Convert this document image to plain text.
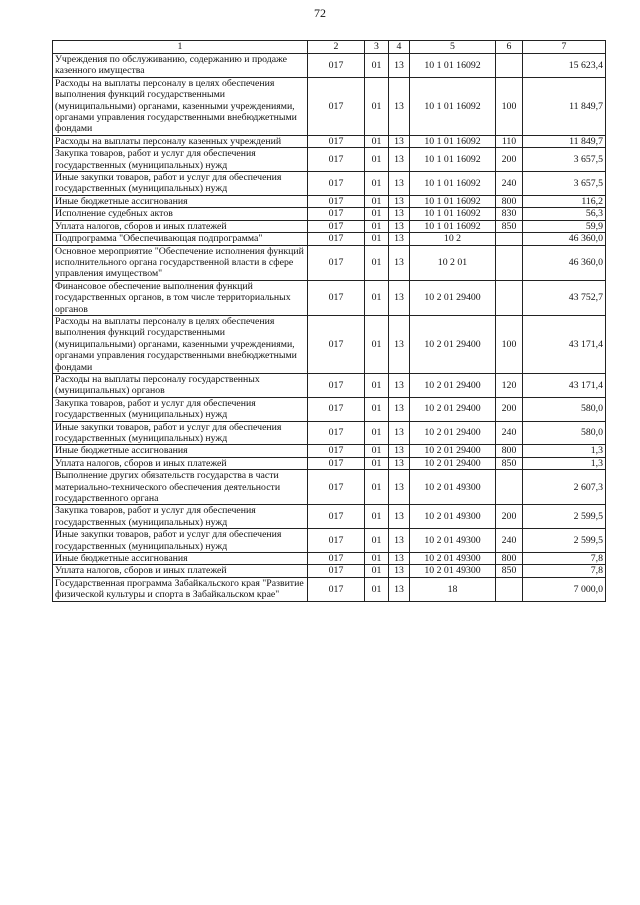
72
1	2	3	4	5	6	7
Учреждения по обслуживанию, содержанию и продаже казенного имущества	017	01	13	10 1 01 16092		15 623,4
Расходы на выплаты персоналу в целях обеспечения выполнения функций государственными (муниципальными) органами, казенными учреждениями, органами управления государственными внебюджетными фондами	017	01	13	10 1 01 16092	100	11 849,7
Расходы на выплаты персоналу казенных учреждений	017	01	13	10 1 01 16092	110	11 849,7
Закупка товаров, работ и услуг для обеспечения государственных (муниципальных) нужд	017	01	13	10 1 01 16092	200	3 657,5
Иные закупки товаров, работ и услуг для обеспечения государственных (муниципальных) нужд	017	01	13	10 1 01 16092	240	3 657,5
Иные бюджетные ассигнования	017	01	13	10 1 01 16092	800	116,2
Исполнение судебных актов	017	01	13	10 1 01 16092	830	56,3
Уплата налогов, сборов и иных платежей	017	01	13	10 1 01 16092	850	59,9
Подпрограмма "Обеспечивающая подпрограмма"	017	01	13	10 2		46 360,0
Основное мероприятие "Обеспечение исполнения функций исполнительного органа государственной власти в сфере управления имуществом"	017	01	13	10 2 01		46 360,0
Финансовое обеспечение выполнения функций государственных органов, в том числе территориальных органов	017	01	13	10 2 01 29400		43 752,7
Расходы на выплаты персоналу в целях обеспечения выполнения функций государственными (муниципальными) органами, казенными учреждениями, органами управления государственными внебюджетными фондами	017	01	13	10 2 01 29400	100	43 171,4
Расходы на выплаты персоналу государственных (муниципальных) органов	017	01	13	10 2 01 29400	120	43 171,4
Закупка товаров, работ и услуг для обеспечения государственных (муниципальных) нужд	017	01	13	10 2 01 29400	200	580,0
Иные закупки товаров, работ и услуг для обеспечения государственных (муниципальных) нужд	017	01	13	10 2 01 29400	240	580,0
Иные бюджетные ассигнования	017	01	13	10 2 01 29400	800	1,3
Уплата налогов, сборов и иных платежей	017	01	13	10 2 01 29400	850	1,3
Выполнение других обязательств государства в части материально-технического обеспечения деятельности государственного органа	017	01	13	10 2 01 49300		2 607,3
Закупка товаров, работ и услуг для обеспечения государственных (муниципальных) нужд	017	01	13	10 2 01 49300	200	2 599,5
Иные закупки товаров, работ и услуг для обеспечения государственных (муниципальных) нужд	017	01	13	10 2 01 49300	240	2 599,5
Иные бюджетные ассигнования	017	01	13	10 2 01 49300	800	7,8
Уплата налогов, сборов и иных платежей	017	01	13	10 2 01 49300	850	7,8
Государственная программа Забайкальского края "Развитие физической культуры и спорта в Забайкальском крае"	017	01	13	18		7 000,0
